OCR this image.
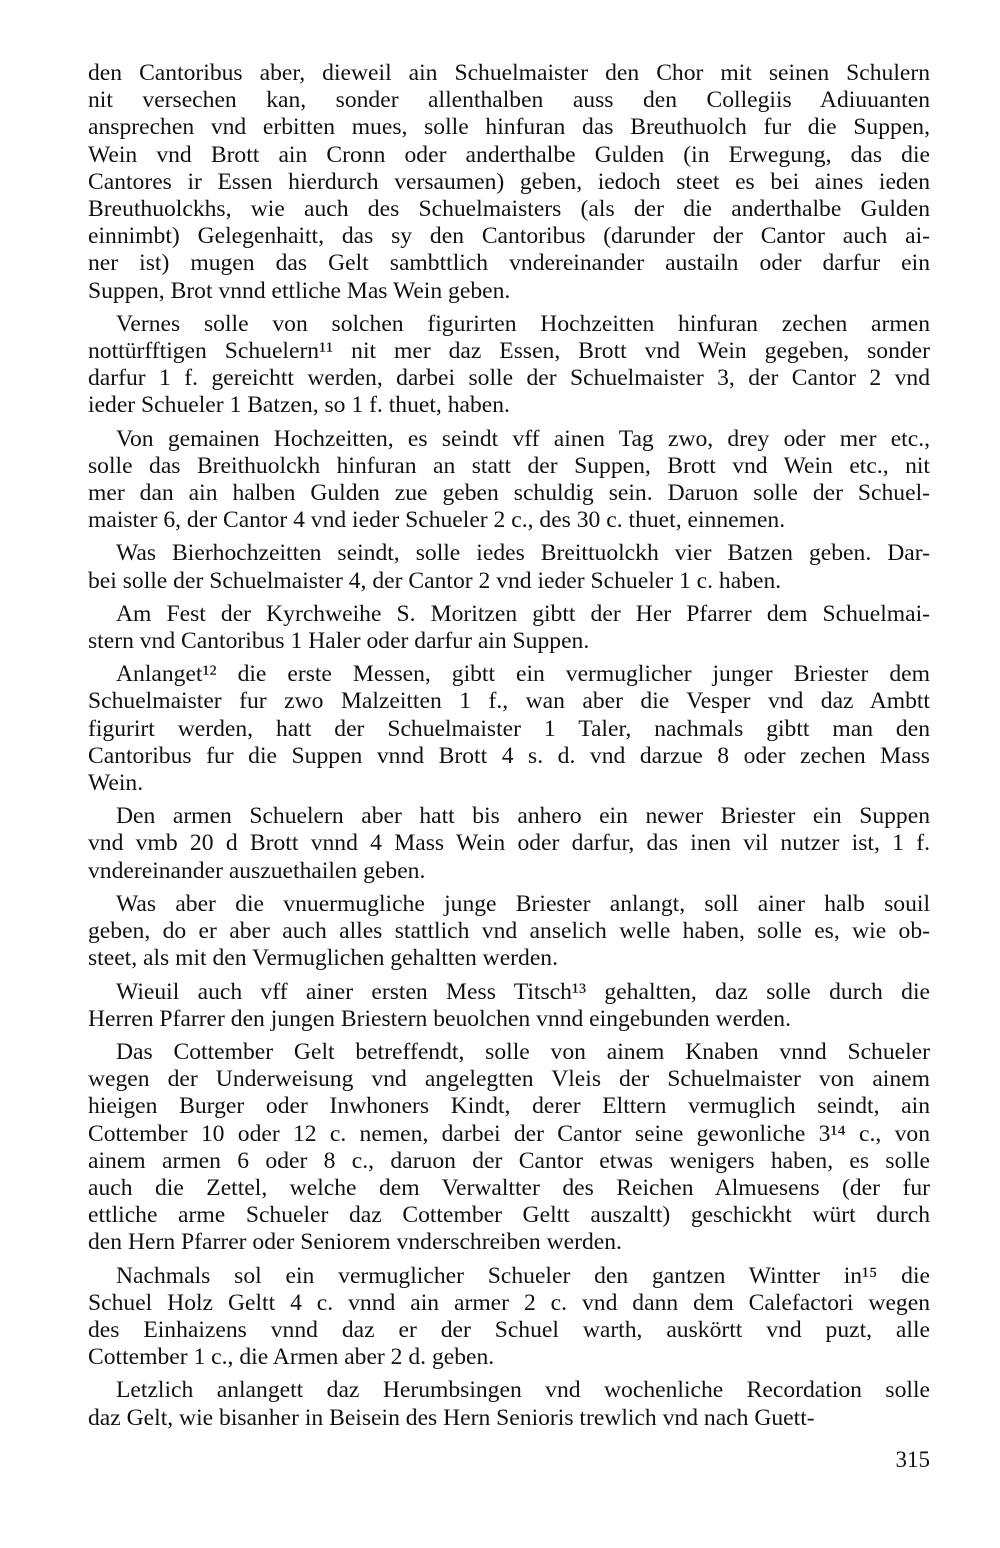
den Cantoribus aber, dieweil ain Schuelmaister den Chor mit seinen Schulern
nit versechen kan, sonder allenthalben auss den Collegiis Adiuuanten
ansprechen vnd erbitten mues, solle hinfuran das Breuthuolch fur die Suppen,
Wein vnd Brott ain Cronn oder anderthalbe Gulden (in Erwegung, das die
Cantores ir Essen hierdurch versaumen) geben, iedoch steet es bei aines ieden
Breuthuolckhs, wie auch des Schuelmaisters (als der die anderthalbe Gulden
einnimbt) Gelegenhaitt, das sy den Cantoribus (darunder der Cantor auch ai-
ner ist) mugen das Gelt sambttlich vndereinander austailn oder darfur ein
Suppen, Brot vnnd ettliche Mas Wein geben.
Vernes solle von solchen figurirten Hochzeitten hinfuran zechen armen
nottürfftigen Schuelern¹¹ nit mer daz Essen, Brott vnd Wein gegeben, sonder
darfur 1 f. gereichtt werden, darbei solle der Schuelmaister 3, der Cantor 2 vnd
ieder Schueler 1 Batzen, so 1 f. thuet, haben.
Von gemainen Hochzeitten, es seindt vff ainen Tag zwo, drey oder mer etc.,
solle das Breithuolckh hinfuran an statt der Suppen, Brott vnd Wein etc., nit
mer dan ain halben Gulden zue geben schuldig sein. Daruon solle der Schuel-
maister 6, der Cantor 4 vnd ieder Schueler 2 c., des 30 c. thuet, einnemen.
Was Bierhochzeitten seindt, solle iedes Breittuolckh vier Batzen geben. Dar-
bei solle der Schuelmaister 4, der Cantor 2 vnd ieder Schueler 1 c. haben.
Am Fest der Kyrchweihe S. Moritzen gibtt der Her Pfarrer dem Schuelmai-
stern vnd Cantoribus 1 Haler oder darfur ain Suppen.
Anlanget¹² die erste Messen, gibtt ein vermuglicher junger Briester dem
Schuelmaister fur zwo Malzeitten 1 f., wan aber die Vesper vnd daz Ambtt
figurirt werden, hatt der Schuelmaister 1 Taler, nachmals gibtt man den
Cantoribus fur die Suppen vnnd Brott 4 s. d. vnd darzue 8 oder zechen Mass
Wein.
Den armen Schuelern aber hatt bis anhero ein newer Briester ein Suppen
vnd vmb 20 d Brott vnnd 4 Mass Wein oder darfur, das inen vil nutzer ist, 1 f.
vndereinander auszuethailen geben.
Was aber die vnuermugliche junge Briester anlangt, soll ainer halb souil
geben, do er aber auch alles stattlich vnd anselich welle haben, solle es, wie ob-
steet, als mit den Vermuglichen gehaltten werden.
Wieuil auch vff ainer ersten Mess Titsch¹³ gehaltten, daz solle durch die
Herren Pfarrer den jungen Briestern beuolchen vnnd eingebunden werden.
Das Cottember Gelt betreffendt, solle von ainem Knaben vnnd Schueler
wegen der Underweisung vnd angelegtten Vleis der Schuelmaister von ainem
hieigen Burger oder Inwhoners Kindt, derer Elttern vermuglich seindt, ain
Cottember 10 oder 12 c. nemen, darbei der Cantor seine gewonliche 3¹⁴ c., von
ainem armen 6 oder 8 c., daruon der Cantor etwas wenigers haben, es solle
auch die Zettel, welche dem Verwaltter des Reichen Almuesens (der fur
ettliche arme Schueler daz Cottember Geltt auszaltt) geschickht würt durch
den Hern Pfarrer oder Seniorem vnderschreiben werden.
Nachmals sol ein vermuglicher Schueler den gantzen Wintter in¹⁵ die
Schuel Holz Geltt 4 c. vnnd ain armer 2 c. vnd dann dem Calefactori wegen
des Einhaizens vnnd daz er der Schuel warth, auskörtt vnd puzt, alle
Cottember 1 c., die Armen aber 2 d. geben.
Letzlich anlangett daz Herumbsingen vnd wochenliche Recordation solle
daz Gelt, wie bisanher in Beisein des Hern Senioris trewlich vnd nach Guett-
315
